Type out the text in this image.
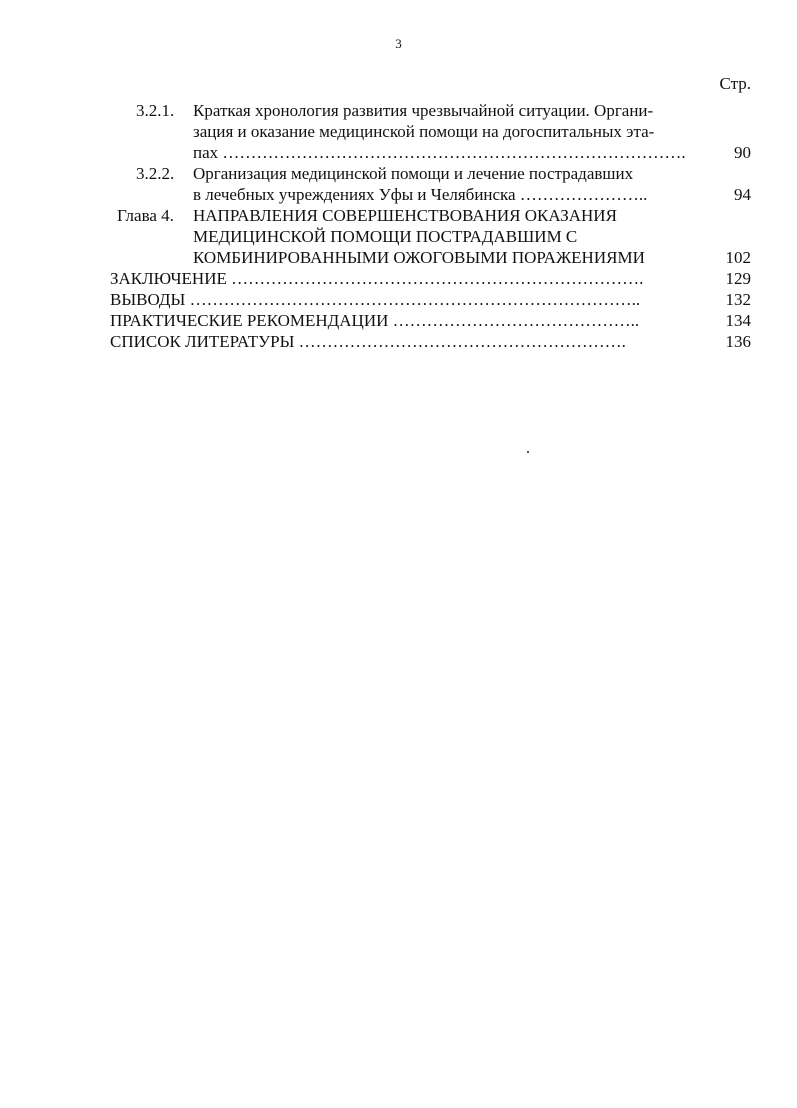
3
Стр.
3.2.1. Краткая хронология развития чрезвычайной ситуации. Органи-
зация и оказание медицинской помощи на догоспитальных эта-
пах ……………………………………………………………………….	90
3.2.2. Организация медицинской помощи и лечение пострадавших
в лечебных учреждениях Уфы и Челябинска …………………..	94
Глава 4. НАПРАВЛЕНИЯ СОВЕРШЕНСТВОВАНИЯ ОКАЗАНИЯ
МЕДИЦИНСКОЙ ПОМОЩИ ПОСТРАДАВШИМ С
КОМБИНИРОВАННЫМИ ОЖОГОВЫМИ ПОРАЖЕНИЯМИ	102
ЗАКЛЮЧЕНИЕ ……………………………………………………………….	129
ВЫВОДЫ ……………………………………………………………………..	132
ПРАКТИЧЕСКИЕ РЕКОМЕНДАЦИИ ……………………………………..	134
СПИСОК ЛИТЕРАТУРЫ ………………………………………………….	136
